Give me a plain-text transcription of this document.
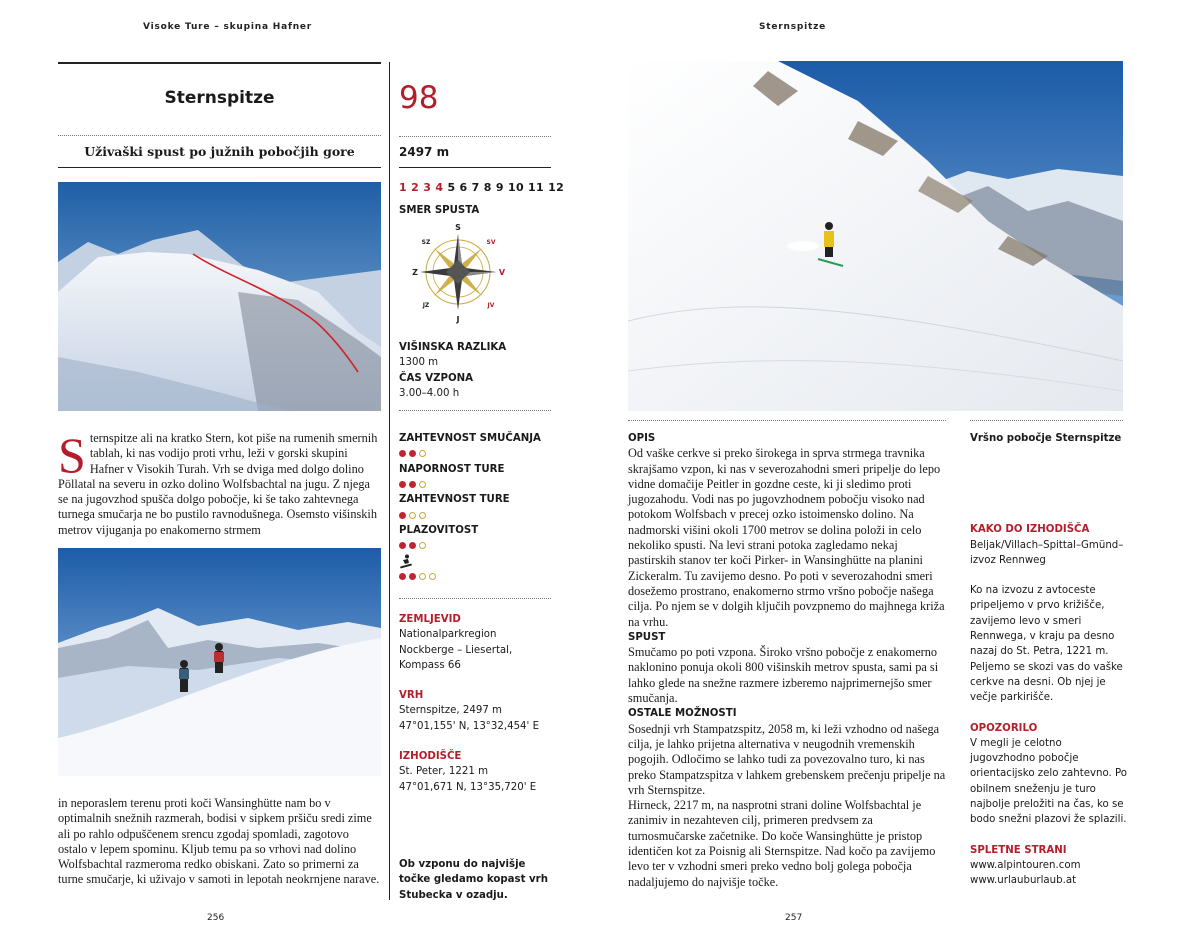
Visoke Ture – skupina Hafner	Sternspitze
Sternspitze
Uživaški spust po južnih pobočjih gore
S ternspitze ali na kratko Stern, kot piše na rumenih smernih tablah, ki nas vodijo proti vrhu, leži v gorski skupini Hafner v Visokih Turah. Vrh se dviga med dolgo dolino Pöllatal na severu in ozko dolino Wolfsbachtal na jugu. Z njega se na jugovzhod spušča dolgo pobočje, ki še tako zahtevnega turnega smučarja ne bo pustilo ravnodušnega. Osemsto višinskih metrov vijuganja po enakomerno strmem
in neporaslem terenu proti koči Wansinghütte nam bo v optimalnih snežnih razmerah, bodisi v sipkem pršiču sredi zime ali po rahlo odpuščenem srencu zgodaj spomladi, zagotovo ostalo v lepem spominu. Kljub temu pa so vrhovi nad dolino Wolfsbachtal razmeroma redko obiskani. Zato so primerni za turne smučarje, ki uživajo v samoti in lepotah neokrnjene narave.
256
98
2497 m
1 2 3 4 5 6 7 8 9 10 11 12
SMER SPUSTA
S
J
Z	V
SZ	SV
JZ	JV
VIŠINSKA RAZLIKA
1300 m
ČAS VZPONA
3.00–4.00 h
ZAHTEVNOST SMUČANJA
NAPORNOST TURE
ZAHTEVNOST TURE
PLAZOVITOST
ZEMLJEVID
Nationalparkregion
Nockberge – Liesertal,
Kompass 66
VRH
Sternspitze, 2497 m
47°01,155' N, 13°32,454' E
IZHODIŠČE
St. Peter, 1221 m
47°01,671 N, 13°35,720' E
Ob vzponu do najvišje točke gledamo kopast vrh Stubecka v ozadju.
OPIS

Od vaške cerkve si preko širokega in sprva strmega travnika skrajšamo vzpon, ki nas v severozahodni smeri pripelje do lepo vidne domačije Peitler in gozdne ceste, ki ji sledimo proti jugozahodu. Vodi nas po jugovzhodnem pobočju visoko nad potokom Wolfsbach v precej ozko istoimensko dolino. Na nadmorski višini okoli 1700 metrov se dolina položi in celo nekoliko spusti. Na levi strani potoka zagledamo nekaj pastirskih stanov ter koči Pirker- in Wansinghütte na planini Zickeralm. Tu zavijemo desno. Po poti v severozahodni smeri dosežemo prostrano, enakomerno strmo vršno pobočje našega cilja. Po njem se v dolgih ključih povzpnemo do majhnega križa na vrhu.

SPUST

Smučamo po poti vzpona. Široko vršno pobočje z enakomerno naklonino ponuja okoli 800 višinskih metrov spusta, sami pa si lahko glede na snežne razmere izberemo najprimernejšo smer smučanja.

OSTALE MOŽNOSTI

Sosednji vrh Stampatzspitz, 2058 m, ki leži vzhodno od našega cilja, je lahko prijetna alternativa v neugodnih vremenskih pogojih. Odločimo se lahko tudi za povezovalno turo, ki nas preko Stampatzspitza v lahkem grebenskem prečenju pripelje na vrh Sternspitze.

Hirneck, 2217 m, na nasprotni strani doline Wolfsbachtal je zanimiv in nezahteven cilj, primeren predvsem za turnosmučarske začetnike. Do koče Wansinghütte je pristop identičen kot za Poisnig ali Sternspitze. Nad kočo pa zavijemo levo ter v vzhodni smeri preko vedno bolj golega pobočja nadaljujemo do najvišje točke.

Vršno pobočje Sternspitze
KAKO DO IZHODIŠČA
Beljak/Villach–Spittal–Gmünd–izvoz Rennweg
Ko na izvozu z avtoceste pripeljemo v prvo križišče, zavijemo levo v smeri Rennwega, v kraju pa desno nazaj do St. Petra, 1221 m. Peljemo se skozi vas do vaške cerkve na desni. Ob njej je večje parkirišče.
OPOZORILO
V megli je celotno jugovzhodno pobočje orientacijsko zelo zahtevno. Po obilnem sneženju je turo najbolje preložiti na čas, ko se bodo snežni plazovi že splazili.
SPLETNE STRANI
www.alpintouren.com
www.urlauburlaub.at
257
